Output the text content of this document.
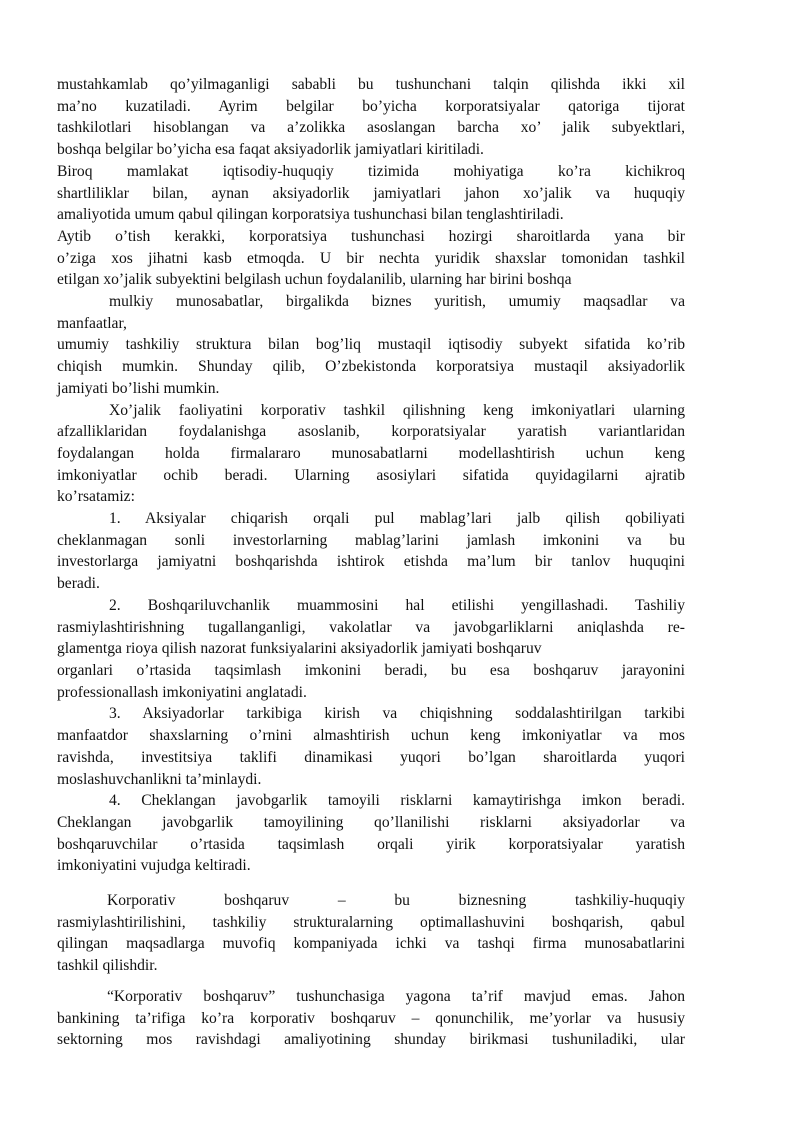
mustahkamlab qo’yilmaganligi sababli bu tushunchani talqin qilishda ikki xil

ma’no kuzatiladi. Ayrim belgilar bo’yicha korporatsiyalar qatoriga tijorat

tashkilotlari hisoblangan va a’zolikka asoslangan barcha xo’ jalik subyektlari,

boshqa belgilar bo’yicha esa faqat aksiyadorlik jamiyatlari kiritiladi.

Biroq mamlakat iqtisodiy-huquqiy tizimida mohiyatiga ko’ra kichikroq

shartliliklar bilan, aynan aksiyadorlik jamiyatlari jahon xo’jalik va huquqiy

amaliyotida umum qabul qilingan korporatsiya tushunchasi bilan tenglashtiriladi.

Aytib o’tish kerakki, korporatsiya tushunchasi hozirgi sharoitlarda yana bir

o’ziga xos jihatni kasb etmoqda. U bir nechta yuridik shaxslar tomonidan tashkil

etilgan xo’jalik subyektini belgilash uchun foydalanilib, ularning har birini boshqa

mulkiy munosabatlar, birgalikda biznes yuritish, umumiy maqsadlar va

manfaatlar,

umumiy tashkiliy struktura bilan bog’liq mustaqil iqtisodiy subyekt sifatida ko’rib

chiqish mumkin. Shunday qilib, O’zbekistonda korporatsiya mustaqil aksiyadorlik

jamiyati bo’lishi mumkin.

Xo’jalik faoliyatini korporativ tashkil qilishning keng imkoniyatlari ularning

afzalliklaridan foydalanishga asoslanib, korporatsiyalar yaratish variantlaridan

foydalangan holda firmalararo munosabatlarni modellashtirish uchun keng

imkoniyatlar ochib beradi. Ularning asosiylari sifatida quyidagilarni ajratib

ko’rsatamiz:

1. Aksiyalar chiqarish orqali pul mablag’lari jalb qilish qobiliyati

cheklanmagan sonli investorlarning mablag’larini jamlash imkonini va bu

investorlarga jamiyatni boshqarishda ishtirok etishda ma’lum bir tanlov huquqini

beradi.

2. Boshqariluvchanlik muammosini hal etilishi yengillashadi. Tashiliy

rasmiylashtirishning tugallanganligi, vakolatlar va javobgarliklarni aniqlashda re-

glamentga rioya qilish nazorat funksiyalarini aksiyadorlik jamiyati boshqaruv

organlari o’rtasida taqsimlash imkonini beradi, bu esa boshqaruv jarayonini

professionallash imkoniyatini anglatadi.

3. Aksiyadorlar tarkibiga kirish va chiqishning soddalashtirilgan tarkibi

manfaatdor shaxslarning o’rnini almashtirish uchun keng imkoniyatlar va mos

ravishda, investitsiya taklifi dinamikasi yuqori bo’lgan sharoitlarda yuqori

moslashuvchanlikni ta’minlaydi.

4. Cheklangan javobgarlik tamoyili risklarni kamaytirishga imkon beradi.

Cheklangan javobgarlik tamoyilining qo’llanilishi risklarni aksiyadorlar va

boshqaruvchilar o’rtasida taqsimlash orqali yirik korporatsiyalar yaratish

imkoniyatini vujudga keltiradi.

Korporativ boshqaruv – bu biznesning tashkiliy-huquqiy

rasmiylashtirilishini, tashkiliy strukturalarning optimallashuvini boshqarish, qabul

qilingan maqsadlarga muvofiq kompaniyada ichki va tashqi firma munosabatlarini

tashkil qilishdir.

“Korporativ boshqaruv” tushunchasiga yagona ta’rif mavjud emas. Jahon

bankining ta’rifiga ko’ra korporativ boshqaruv – qonunchilik, me’yorlar va hususiy

sektorning mos ravishdagi amaliyotining shunday birikmasi tushuniladiki, ular
